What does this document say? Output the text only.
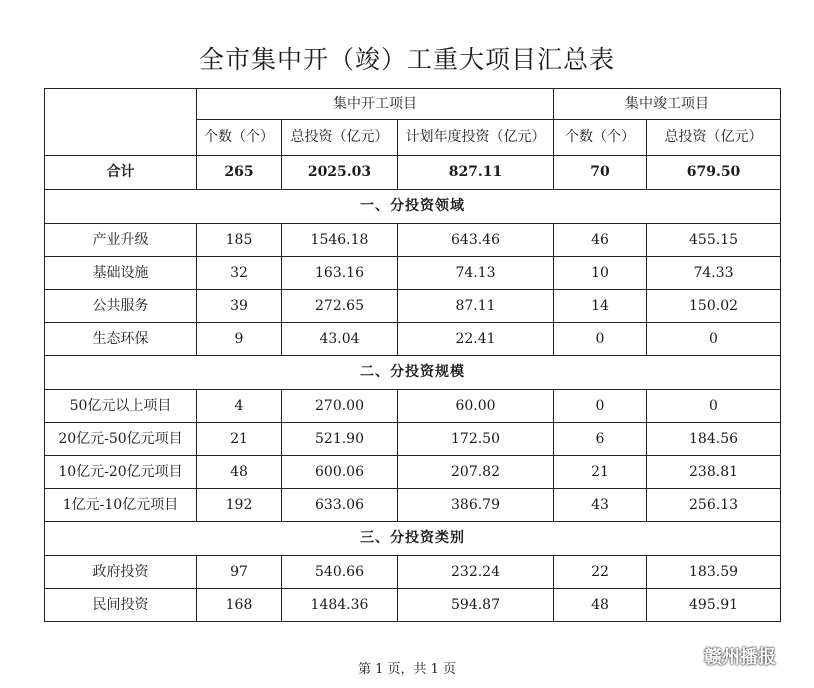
全市集中开（竣）工重大项目汇总表
	集中开工项目			集中竣工项目	
	个数（个）	总投资（亿元）	计划年度投资（亿元）	个数（个）	总投资（亿元）
合计	265	2025.03	827.11	70	679.50
一、分投资领域					
产业升级	185	1546.18	643.46	46	455.15
基础设施	32	163.16	74.13	10	74.33
公共服务	39	272.65	87.11	14	150.02
生态环保	9	43.04	22.41	0	0
二、分投资规模					
50亿元以上项目	4	270.00	60.00	0	0
20亿元-50亿元项目	21	521.90	172.50	6	184.56
10亿元-20亿元项目	48	600.06	207.82	21	238.81
1亿元-10亿元项目	192	633.06	386.79	43	256.13
三、分投资类别					
政府投资	97	540.66	232.24	22	183.59
民间投资	168	1484.36	594.87	48	495.91
第 1 页，共 1 页
赣州播报
